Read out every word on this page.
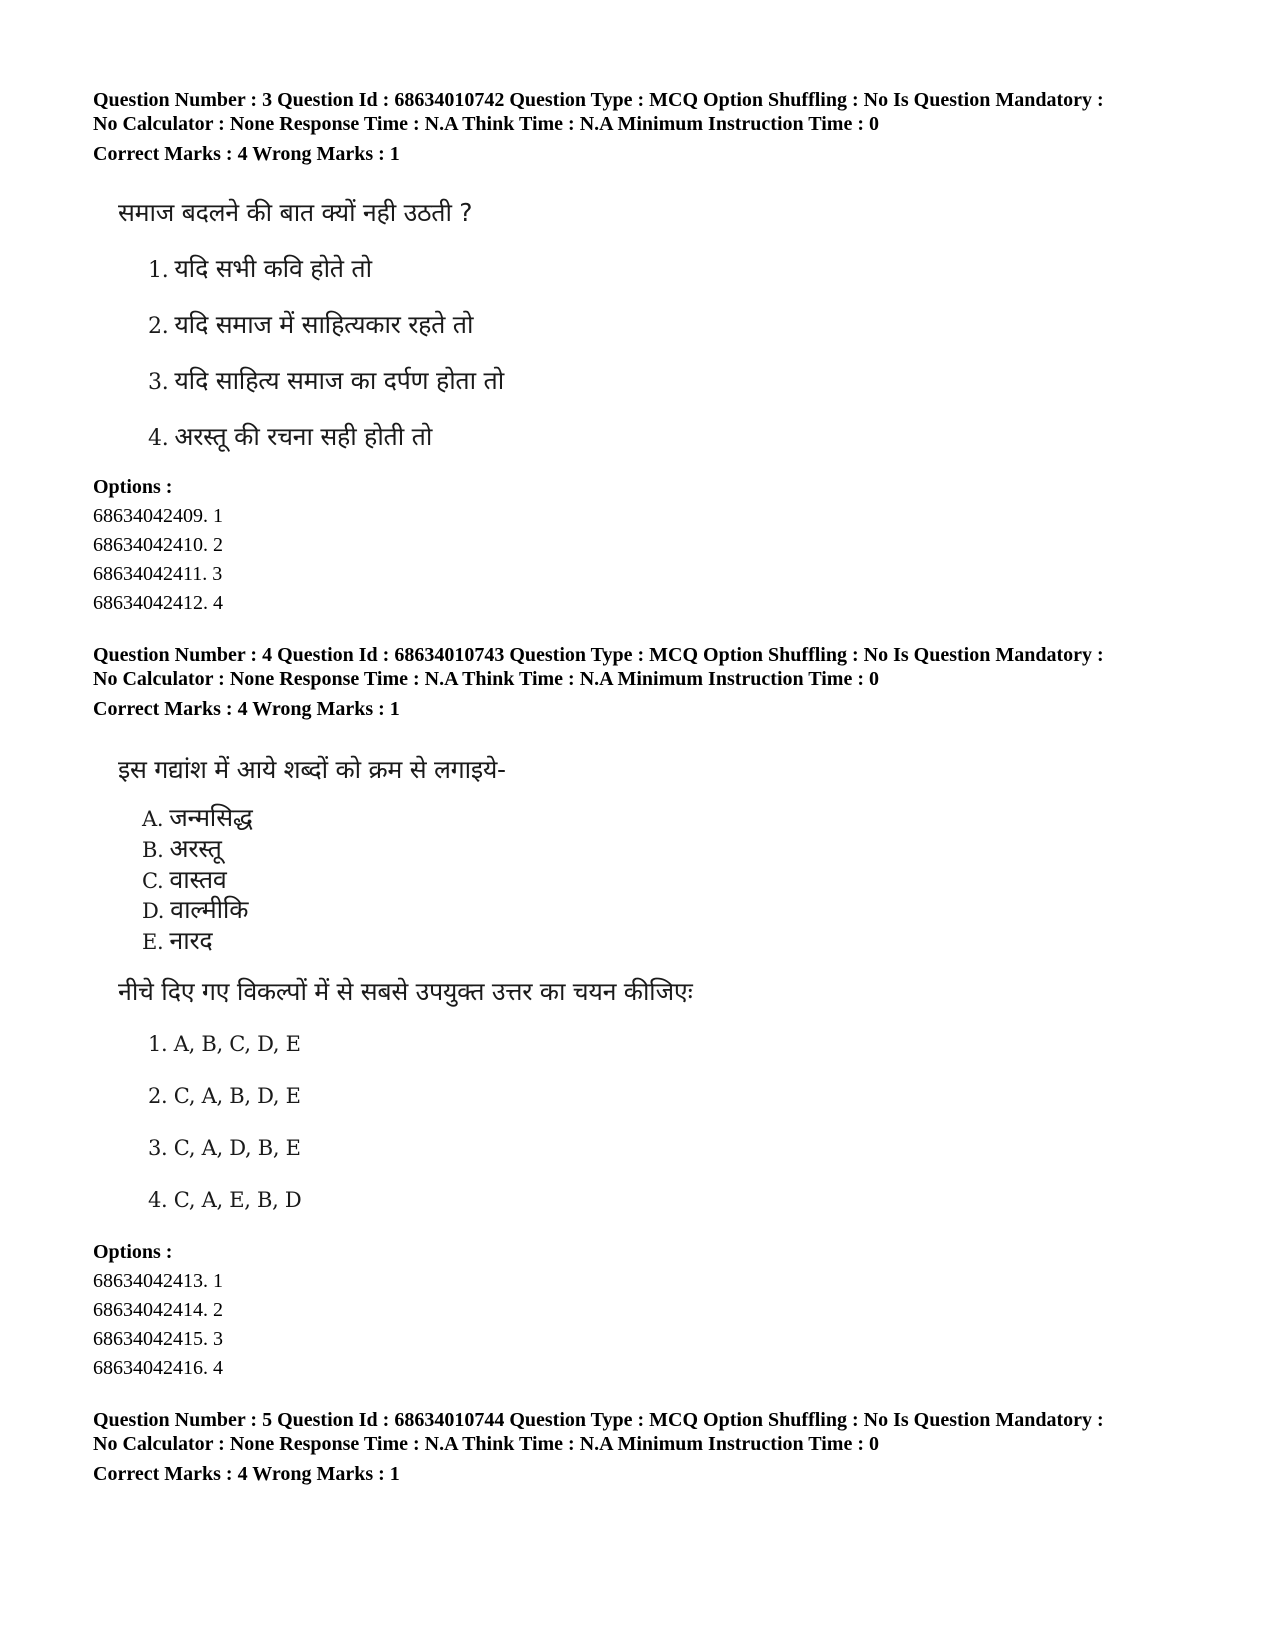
Question Number : 3 Question Id : 68634010742 Question Type : MCQ Option Shuffling : No Is Question Mandatory :
No Calculator : None Response Time : N.A Think Time : N.A Minimum Instruction Time : 0
Correct Marks : 4 Wrong Marks : 1
समाज बदलने की बात क्यों नही उठती ?
1. यदि सभी कवि होते तो
2. यदि समाज में साहित्यकार रहते तो
3. यदि साहित्य समाज का दर्पण होता तो
4. अरस्तू की रचना सही होती तो
Options :
68634042409. 1
68634042410. 2
68634042411. 3
68634042412. 4
Question Number : 4 Question Id : 68634010743 Question Type : MCQ Option Shuffling : No Is Question Mandatory :
No Calculator : None Response Time : N.A Think Time : N.A Minimum Instruction Time : 0
Correct Marks : 4 Wrong Marks : 1
इस गद्यांश में आये शब्दों को क्रम से लगाइये-
A. जन्मसिद्ध
B. अरस्तू
C. वास्तव
D. वाल्मीकि
E. नारद
नीचे दिए गए विकल्पों में से सबसे उपयुक्त उत्तर का चयन कीजिएः
1. A, B, C, D, E
2. C, A, B, D, E
3. C, A, D, B, E
4. C, A, E, B, D
Options :
68634042413. 1
68634042414. 2
68634042415. 3
68634042416. 4
Question Number : 5 Question Id : 68634010744 Question Type : MCQ Option Shuffling : No Is Question Mandatory :
No Calculator : None Response Time : N.A Think Time : N.A Minimum Instruction Time : 0
Correct Marks : 4 Wrong Marks : 1
